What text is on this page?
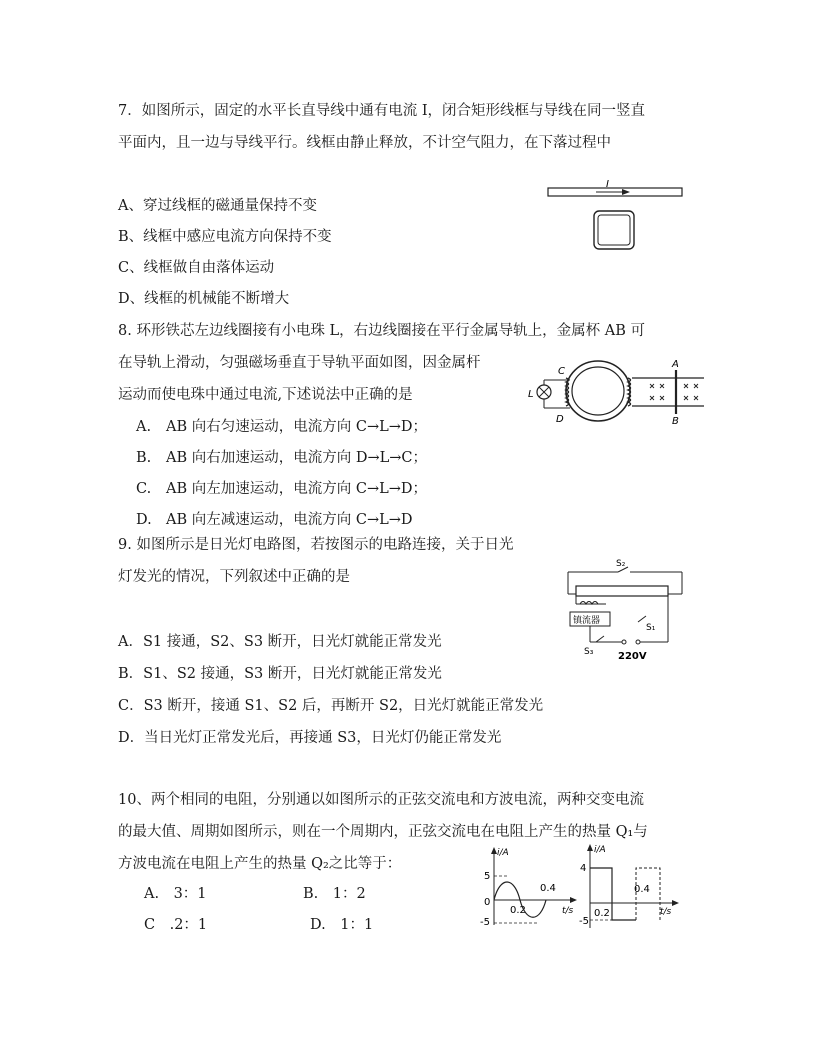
7．如图所示，固定的水平长直导线中通有电流 I，闭合矩形线框与导线在同一竖直
平面内，且一边与导线平行。线框由静止释放，不计空气阻力，在下落过程中
A、穿过线框的磁通量保持不变
B、线框中感应电流方向保持不变
C、线框做自由落体运动
D、线框的机械能不断增大
I
8. 环形铁芯左边线圈接有小电珠 L，右边线圈接在平行金属导轨上，金属杯 AB 可
在导轨上滑动，匀强磁场垂直于导轨平面如图，因金属杆
运动而使电珠中通过电流,下述说法中正确的是
A. AB 向右匀速运动，电流方向 C→L→D；
B. AB 向右加速运动，电流方向 D→L→C；
C. AB 向左加速运动，电流方向 C→L→D；
D. AB 向左减速运动，电流方向 C→L→D
L
C
D
A
B
9. 如图所示是日光灯电路图，若按图示的电路连接，关于日光
灯发光的情况，下列叙述中正确的是
A．S1 接通，S2、S3 断开，日光灯就能正常发光
B．S1、S2 接通，S3 断开，日光灯就能正常发光
C．S3 断开，接通 S1、S2 后，再断开 S2，日光灯就能正常发光
D．当日光灯正常发光后，再接通 S3，日光灯仍能正常发光
S₂
镇流器
S₃
S₁
220V
10、两个相同的电阻，分别通以如图所示的正弦交流电和方波电流，两种交变电流
的最大值、周期如图所示，则在一个周期内，正弦交流电在电阻上产生的热量 Q₁与
方波电流在电阻上产生的热量 Q₂之比等于：
A.　3：1	B.　1：2
C　.2：1	D.　1：1
i/A
t/s
5
-5
0
0.2
0.4
i/A
t/s
4
-5
0.2
0.4
